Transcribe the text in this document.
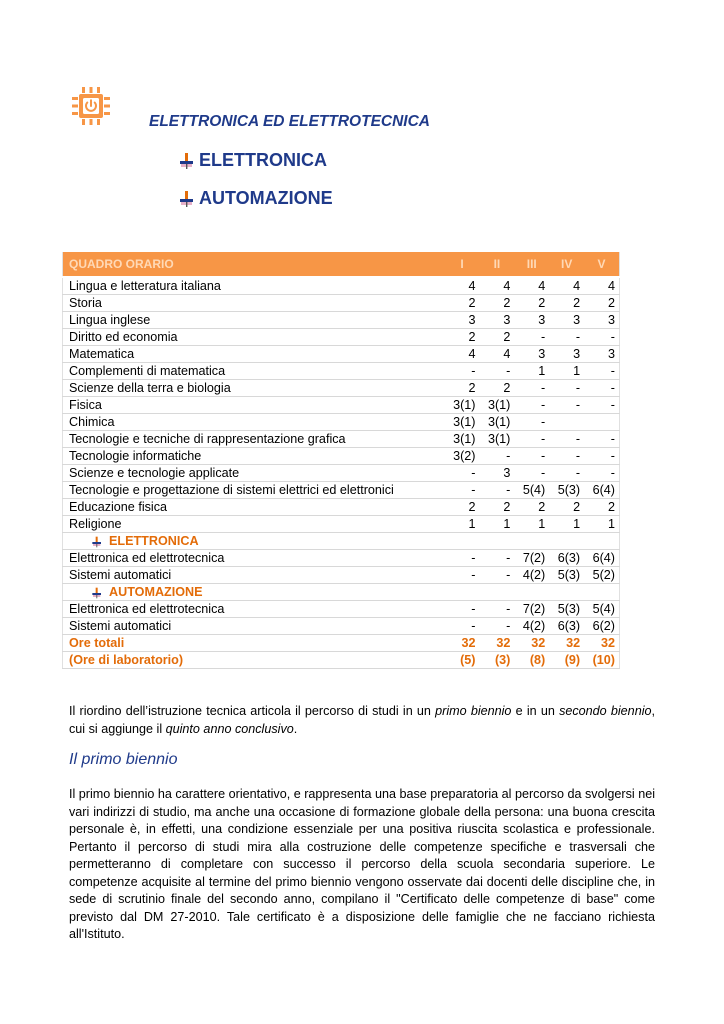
ELETTRONICA ED ELETTROTECNICA
ELETTRONICA
AUTOMAZIONE
QUADRO ORARIO	I	II	III	IV	V
Lingua e letteratura italiana	4	4	4	4	4
Storia	2	2	2	2	2
Lingua inglese	3	3	3	3	3
Diritto ed economia	2	2	-	-	-
Matematica	4	4	3	3	3
Complementi di matematica	-	-	1	1	-
Scienze della terra e biologia	2	2	-	-	-
Fisica	3(1)	3(1)	-	-	-
Chimica	3(1)	3(1)	-		
Tecnologie e tecniche di rappresentazione grafica	3(1)	3(1)	-	-	-
Tecnologie informatiche	3(2)	-	-	-	-
Scienze e tecnologie applicate	-	3	-	-	-
Tecnologie e progettazione di sistemi elettrici ed elettronici	-	-	5(4)	5(3)	6(4)
Educazione fisica	2	2	2	2	2
Religione	1	1	1	1	1
ELETTRONICA					
Elettronica ed elettrotecnica	-	-	7(2)	6(3)	6(4)
Sistemi automatici	-	-	4(2)	5(3)	5(2)
AUTOMAZIONE					
Elettronica ed elettrotecnica	-	-	7(2)	5(3)	5(4)
Sistemi automatici	-	-	4(2)	6(3)	6(2)
Ore totali	32	32	32	32	32
(Ore di laboratorio)	(5)	(3)	(8)	(9)	(10)
Il riordino dell’istruzione tecnica articola il percorso di studi in un primo biennio e in un secondo biennio, cui si aggiunge il quinto anno conclusivo.
Il primo biennio
Il primo biennio ha carattere orientativo, e rappresenta una base preparatoria al percorso da svolgersi nei vari indirizzi di studio, ma anche una occasione di formazione globale della persona: una buona crescita personale è, in effetti, una condizione essenziale per una positiva riuscita scolastica e professionale. Pertanto il percorso di studi mira alla costruzione delle competenze specifiche e trasversali che permetteranno di completare con successo il percorso della scuola secondaria superiore. Le competenze acquisite al termine del primo biennio vengono osservate dai docenti delle discipline che, in sede di scrutinio finale del secondo anno, compilano il "Certificato delle competenze di base" come previsto dal DM 27-2010. Tale certificato è a disposizione delle famiglie che ne facciano richiesta all'Istituto.
